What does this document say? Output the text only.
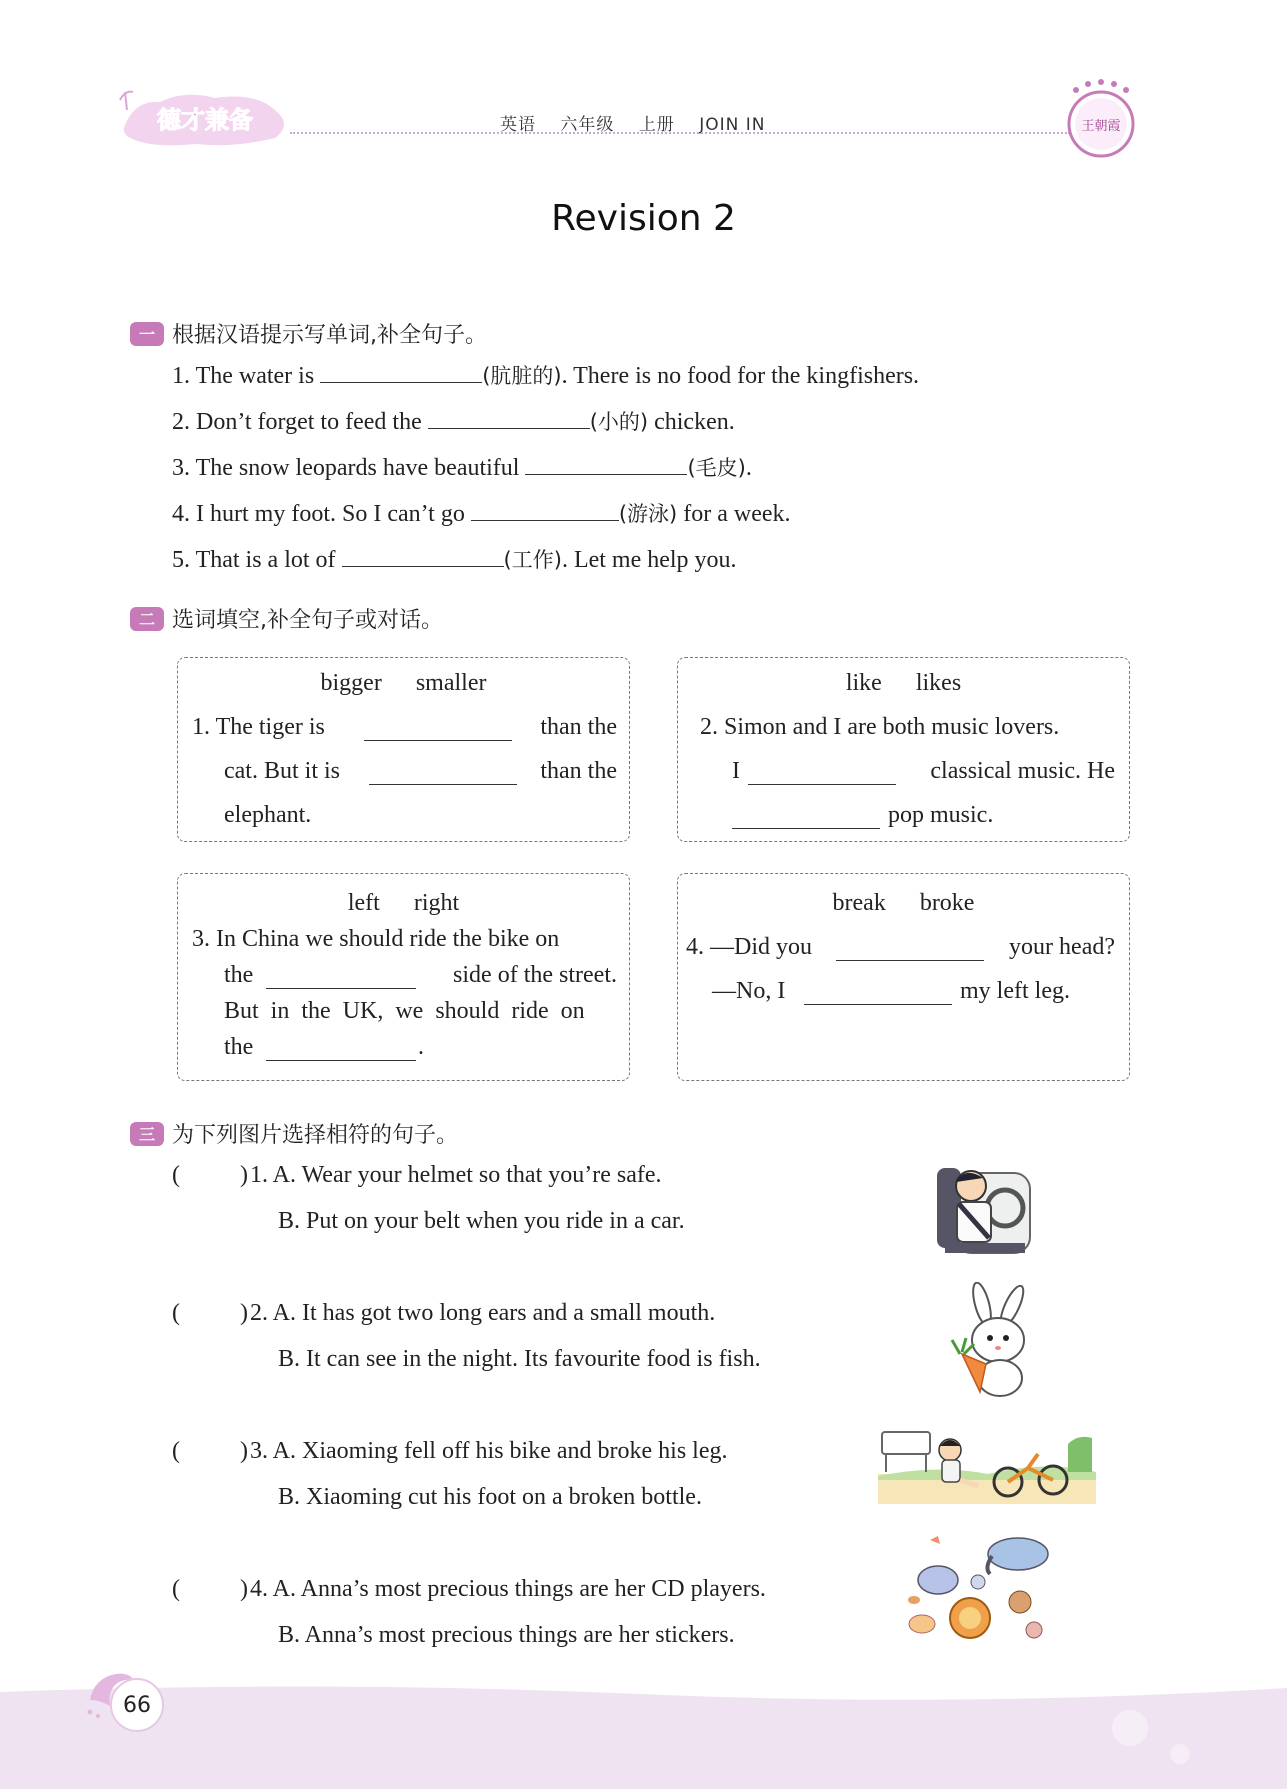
德才兼备	英语 六年级 上册 JOIN IN	王朝霞
Revision 2
一 根据汉语提示写单词,补全句子。
1. The water is	(肮脏的). There is no food for the kingfishers.
2. Don’t forget to feed the	(小的) chicken.
3. The snow leopards have beautiful	(毛皮).
4. I hurt my foot. So I can’t go	(游泳) for a week.
5. That is a lot of	(工作). Let me help you.
二 选词填空,补全句子或对话。
bigger smaller
1. The tiger is	than the
cat. But it is	than the
elephant.
like likes
2. Simon and I are both music lovers.
I	classical music. He
pop music.
left right
3. In China we should ride the bike on
the	side of the street.
But in the UK, we should ride on
the	.
break broke
4. —Did you	your head?
—No, I	my left leg.
三 为下列图片选择相符的句子。
(	) 1. A. Wear your helmet so that you’re safe.
B. Put on your belt when you ride in a car.
(	) 2. A. It has got two long ears and a small mouth.
B. It can see in the night. Its favourite food is fish.
(	) 3. A. Xiaoming fell off his bike and broke his leg.
B. Xiaoming cut his foot on a broken bottle.
(	) 4. A. Anna’s most precious things are her CD players.
B. Anna’s most precious things are her stickers.
66
